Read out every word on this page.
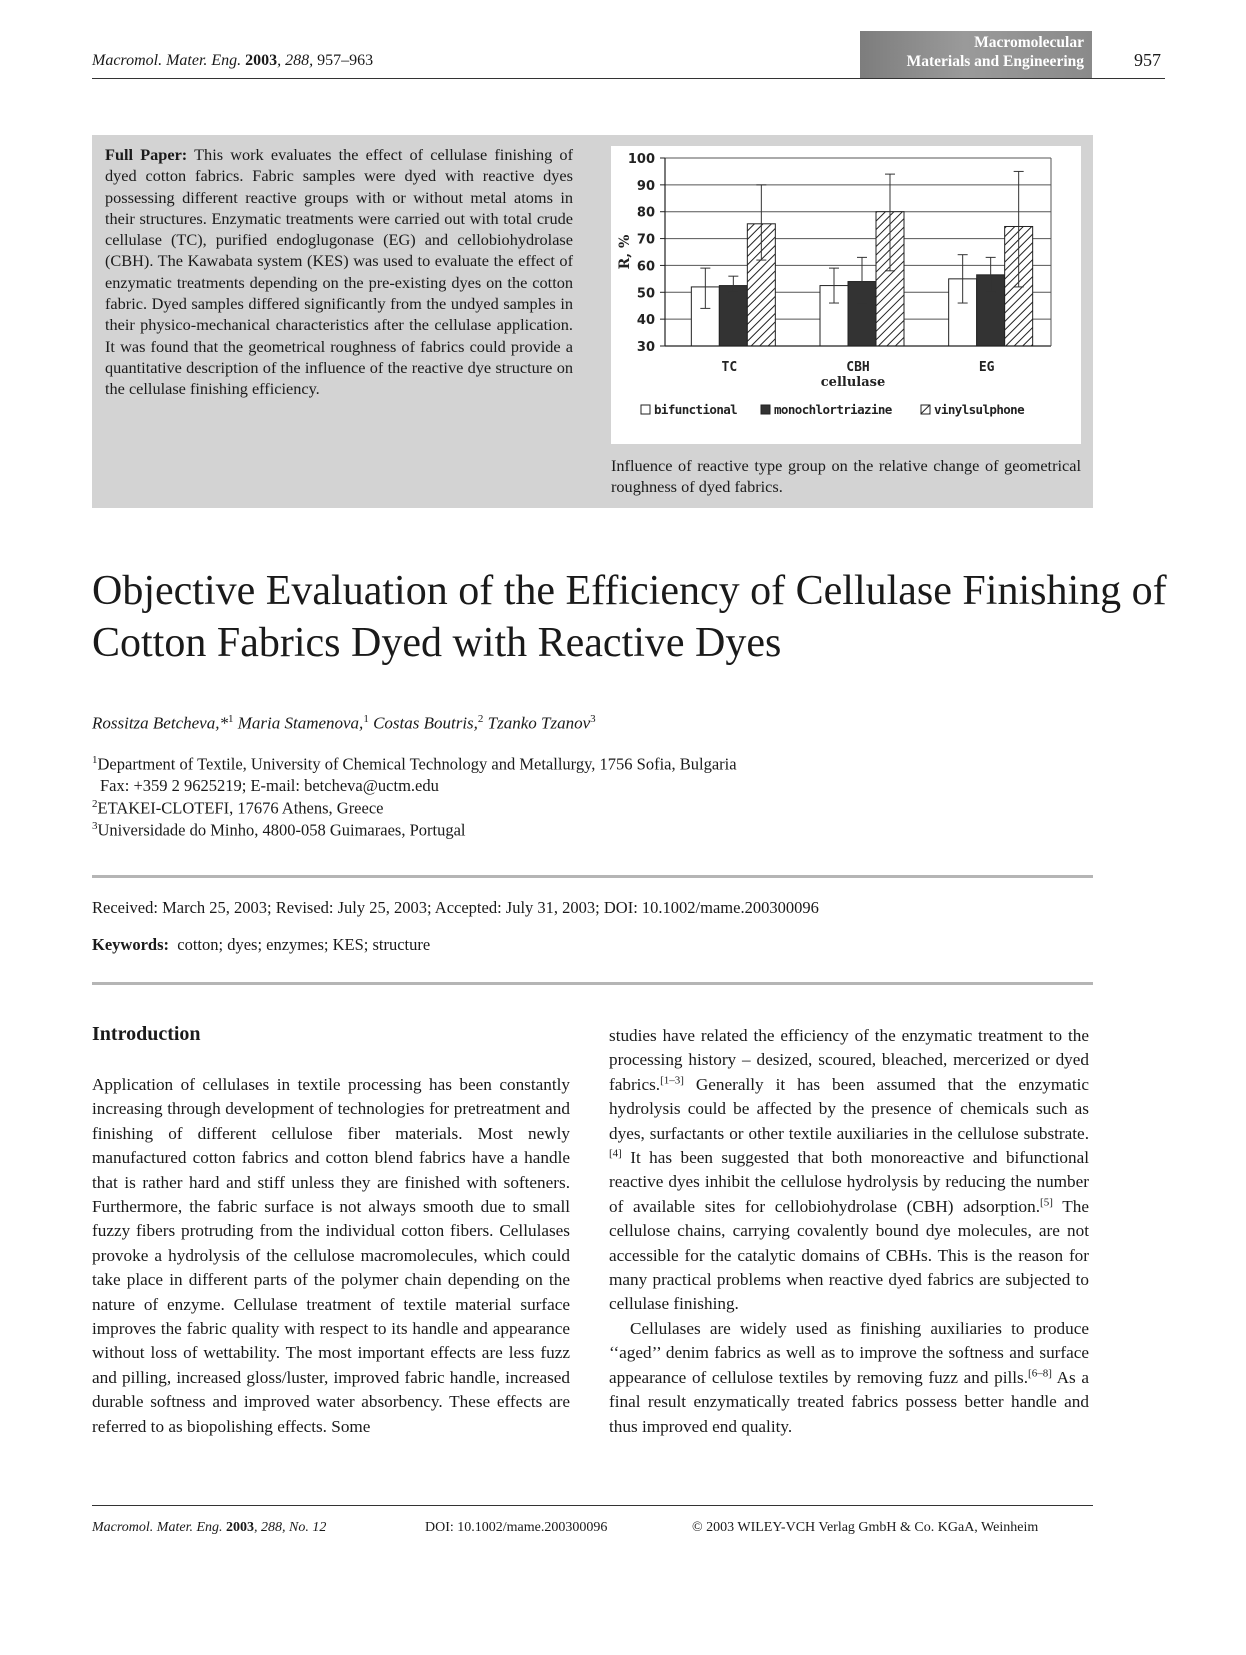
Macromol. Mater. Eng. 2003, 288, 957–963
Macromolecular
Materials and Engineering	957
Full Paper: This work evaluates the effect of cellulase finishing of dyed cotton fabrics. Fabric samples were dyed with reactive dyes possessing different reactive groups with or without metal atoms in their structures. Enzymatic treatments were carried out with total crude cellulase (TC), purified endoglugonase (EG) and cellobiohydrolase (CBH). The Kawabata system (KES) was used to evaluate the effect of enzymatic treatments depending on the pre-existing dyes on the cotton fabric. Dyed samples differed significantly from the undyed samples in their physico-mechanical characteristics after the cellulase application. It was found that the geometrical roughness of fabrics could provide a quantitative description of the influence of the reactive dye structure on the cellulase finishing efficiency.
30
40
50
60
70
80
90
100
TC	CBH	EG
cellulase
R, %
bifunctional	monochlortriazine	vinylsulphone
Influence of reactive type group on the relative change of geometrical roughness of dyed fabrics.
Objective Evaluation of the Efficiency of Cellulase Finishing of Cotton Fabrics Dyed with Reactive Dyes
Rossitza Betcheva,*$^1$ Maria Stamenova,$^1$ Costas Boutris,$^2$ Tzanko Tzanov$^3$
$^1$Department of Textile, University of Chemical Technology and Metallurgy, 1756 Sofia, Bulgaria
Fax: +359 2 9625219; E-mail: betcheva@uctm.edu
$^2$ETAKEI-CLOTEFI, 17676 Athens, Greece
$^3$Universidade do Minho, 4800-058 Guimaraes, Portugal
Received: March 25, 2003; Revised: July 25, 2003; Accepted: July 31, 2003; DOI: 10.1002/mame.200300096
Keywords: cotton; dyes; enzymes; KES; structure
Introduction

Application of cellulases in textile processing has been constantly increasing through development of technologies for pretreatment and finishing of different cellulose fiber materials. Most newly manufactured cotton fabrics and cotton blend fabrics have a handle that is rather hard and stiff unless they are finished with softeners. Furthermore, the fabric surface is not always smooth due to small fuzzy fibers protruding from the individual cotton fibers. Cellulases provoke a hydrolysis of the cellulose macromolecules, which could take place in different parts of the polymer chain depending on the nature of enzyme. Cellulase treatment of textile material surface improves the fabric quality with respect to its handle and appearance without loss of wettability. The most important effects are less fuzz and pilling, increased gloss/luster, improved fabric handle, increased durable softness and improved water absorbency. These effects are referred to as biopolishing effects. Some

studies have related the efficiency of the enzymatic treatment to the processing history – desized, scoured, bleached, mercerized or dyed fabrics.[1–3] Generally it has been assumed that the enzymatic hydrolysis could be affected by the presence of chemicals such as dyes, surfactants or other textile auxiliaries in the cellulose substrate.[4] It has been suggested that both monoreactive and bifunctional reactive dyes inhibit the cellulose hydrolysis by reducing the number of available sites for cellobiohydrolase (CBH) adsorption.[5] The cellulose chains, carrying covalently bound dye molecules, are not accessible for the catalytic domains of CBHs. This is the reason for many practical problems when reactive dyed fabrics are subjected to cellulase finishing.

Cellulases are widely used as finishing auxiliaries to produce ‘‘aged’’ denim fabrics as well as to improve the softness and surface appearance of cellulose textiles by removing fuzz and pills.[6–8] As a final result enzymatically treated fabrics possess better handle and thus improved end quality.

Macromol. Mater. Eng. 2003, 288, No. 12	DOI: 10.1002/mame.200300096	© 2003 WILEY-VCH Verlag GmbH & Co. KGaA, Weinheim
